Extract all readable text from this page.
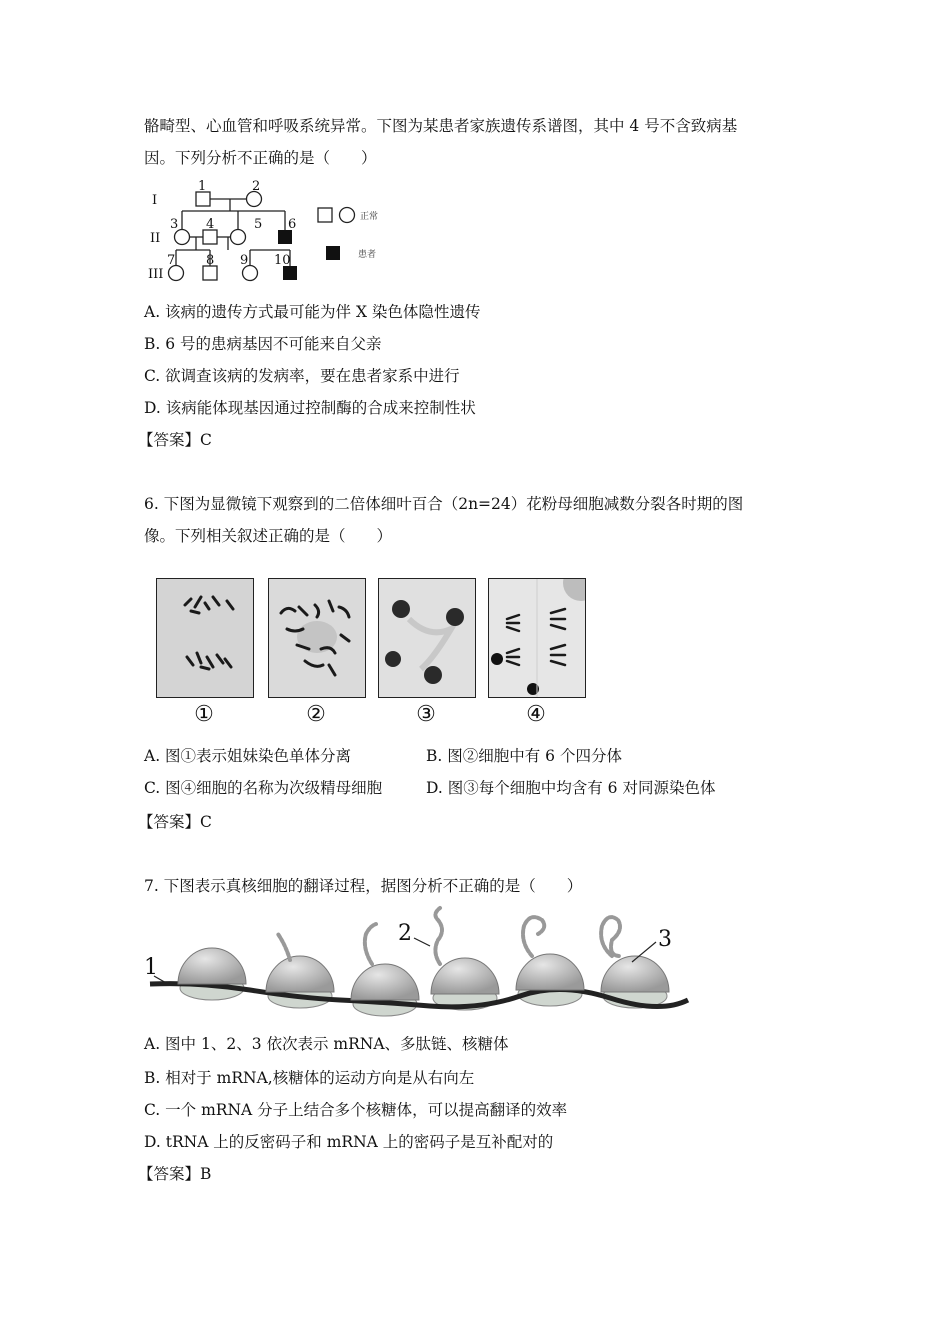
骼畸型、心血管和呼吸系统异常。下图为某患者家族遗传系谱图，其中 4 号不含致病基
因。下列分析不正确的是（　　）
I
II
III
1	2
3 4	5 6
7 8 9 10
正常
患者
A. 该病的遗传方式最可能为伴 X 染色体隐性遗传
B. 6 号的患病基因不可能来自父亲
C. 欲调查该病的发病率，要在患者家系中进行
D. 该病能体现基因通过控制酶的合成来控制性状
【答案】C
6. 下图为显微镜下观察到的二倍体细叶百合（2n=24）花粉母细胞减数分裂各时期的图
像。下列相关叙述正确的是（　　）
①	②	③	④
A. 图①表示姐妹染色单体分离	B. 图②细胞中有 6 个四分体
C. 图④细胞的名称为次级精母细胞	D. 图③每个细胞中均含有 6 对同源染色体
【答案】C
7. 下图表示真核细胞的翻译过程，据图分析不正确的是（　　）
1
2	3
A. 图中 1、2、3 依次表示 mRNA、多肽链、核糖体
B. 相对于 mRNA,核糖体的运动方向是从右向左
C. 一个 mRNA 分子上结合多个核糖体，可以提高翻译的效率
D. tRNA 上的反密码子和 mRNA 上的密码子是互补配对的
【答案】B
